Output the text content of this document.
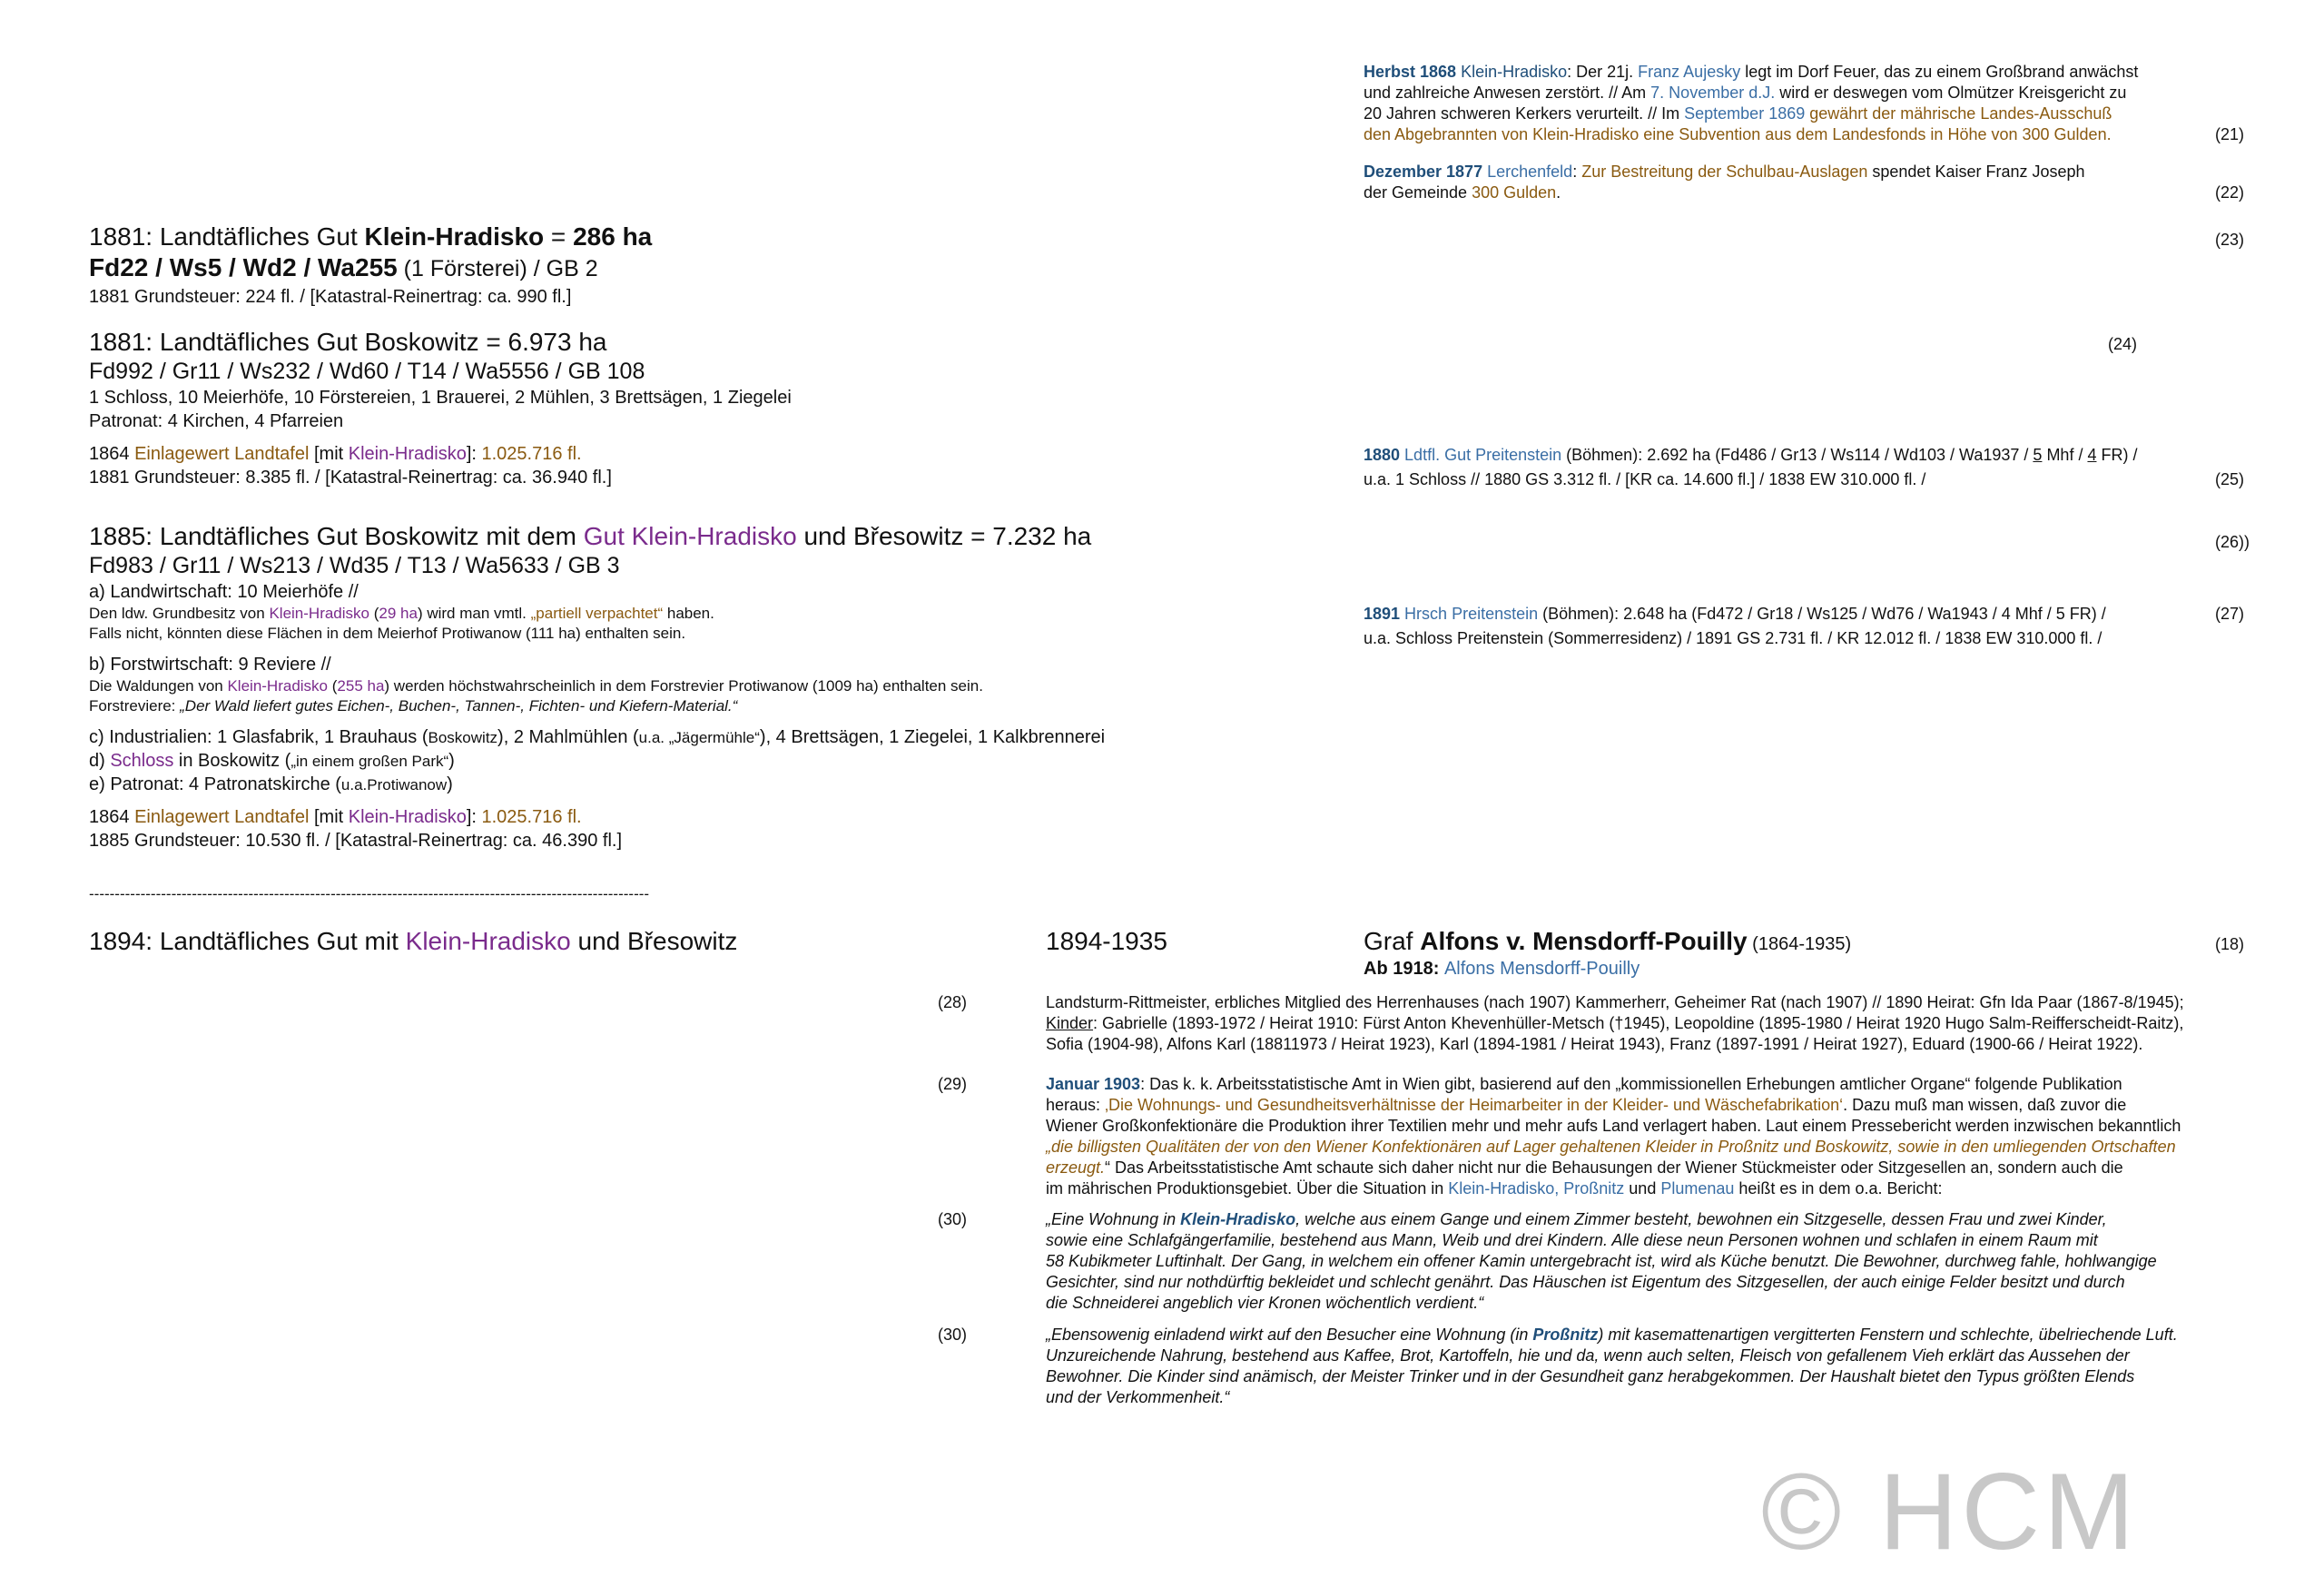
Herbst 1868 Klein-Hradisko: Der 21j. Franz Aujesky legt im Dorf Feuer, das zu einem Großbrand anwächst
und zahlreiche Anwesen zerstört. // Am 7. November d.J. wird er deswegen vom Olmützer Kreisgericht zu
20 Jahren schweren Kerkers verurteilt. // Im September 1869 gewährt der mährische Landes-Ausschuß
den Abgebrannten von Klein-Hradisko eine Subvention aus dem Landesfonds in Höhe von 300 Gulden.	(21)
Dezember 1877 Lerchenfeld: Zur Bestreitung der Schulbau-Auslagen spendet Kaiser Franz Joseph
der Gemeinde 300 Gulden.	(22)
1881: Landtäfliches Gut Klein-Hradisko = 286 ha
Fd22 / Ws5 / Wd2 / Wa255 (1 Försterei) / GB 2
1881 Grundsteuer: 224 fl. / [Katastral-Reinertrag: ca. 990 fl.]
(23)
1881: Landtäfliches Gut Boskowitz = 6.973 ha
Fd992 / Gr11 / Ws232 / Wd60 / T14 / Wa5556 / GB 108
1 Schloss, 10 Meierhöfe, 10 Förstereien, 1 Brauerei, 2 Mühlen, 3 Brettsägen, 1 Ziegelei
Patronat: 4 Kirchen, 4 Pfarreien
1864 Einlagewert Landtafel [mit Klein-Hradisko]: 1.025.716 fl.
1881 Grundsteuer: 8.385 fl. / [Katastral-Reinertrag: ca. 36.940 fl.]
(24)
1880 Ldtfl. Gut Preitenstein (Böhmen): 2.692 ha (Fd486 / Gr13 / Ws114 / Wd103 / Wa1937 / 5 Mhf / 4 FR) /
u.a. 1 Schloss // 1880 GS 3.312 fl. / [KR ca. 14.600 fl.] / 1838 EW 310.000 fl. /	(25)
1885: Landtäfliches Gut Boskowitz mit dem Gut Klein-Hradisko und Břesowitz = 7.232 ha
Fd983 / Gr11 / Ws213 / Wd35 / T13 / Wa5633 / GB 3
a) Landwirtschaft: 10 Meierhöfe //
Den ldw. Grundbesitz von Klein-Hradisko (29 ha) wird man vmtl. „partiell verpachtet“ haben.
Falls nicht, könnten diese Flächen in dem Meierhof Protiwanow (111 ha) enthalten sein.
b) Forstwirtschaft: 9 Reviere //
Die Waldungen von Klein-Hradisko (255 ha) werden höchstwahrscheinlich in dem Forstrevier Protiwanow (1009 ha) enthalten sein.
Forstreviere: „Der Wald liefert gutes Eichen-, Buchen-, Tannen-, Fichten- und Kiefern-Material.“
c) Industrialien: 1 Glasfabrik, 1 Brauhaus (Boskowitz), 2 Mahlmühlen (u.a. „Jägermühle“), 4 Brettsägen, 1 Ziegelei, 1 Kalkbrennerei
d) Schloss in Boskowitz („in einem großen Park“)
e) Patronat: 4 Patronatskirche (u.a.Protiwanow)
1864 Einlagewert Landtafel [mit Klein-Hradisko]: 1.025.716 fl.
1885 Grundsteuer: 10.530 fl. / [Katastral-Reinertrag: ca. 46.390 fl.]
(26))
1891 Hrsch Preitenstein (Böhmen): 2.648 ha (Fd472 / Gr18 / Ws125 / Wd76 / Wa1943 / 4 Mhf / 5 FR) /
u.a. Schloss Preitenstein (Sommerresidenz) / 1891 GS 2.731 fl. / KR 12.012 fl. / 1838 EW 310.000 fl. /
(27)
-------------------------------------------------------------------------------------------------------------
1894: Landtäfliches Gut mit Klein-Hradisko und Břesowitz	1894-1935	Graf Alfons v. Mensdorff-Pouilly (1864-1935)
Ab 1918: Alfons Mensdorff-Pouilly
(18)
(28)	Landsturm-Rittmeister, erbliches Mitglied des Herrenhauses (nach 1907) Kammerherr, Geheimer Rat (nach 1907) // 1890 Heirat: Gfn Ida Paar (1867-8/1945);
Kinder: Gabrielle (1893-1972 / Heirat 1910: Fürst Anton Khevenhüller-Metsch (†1945), Leopoldine (1895-1980 / Heirat 1920 Hugo Salm-Reifferscheidt-Raitz),
Sofia (1904-98), Alfons Karl (18811973 / Heirat 1923), Karl (1894-1981 / Heirat 1943), Franz (1897-1991 / Heirat 1927), Eduard (1900-66 / Heirat 1922).
(29)	Januar 1903: Das k. k. Arbeitsstatistische Amt in Wien gibt, basierend auf den „kommissionellen Erhebungen amtlicher Organe“ folgende Publikation
heraus: ‚Die Wohnungs- und Gesundheitsverhältnisse der Heimarbeiter in der Kleider- und Wäschefabrikation‘. Dazu muß man wissen, daß zuvor die
Wiener Großkonfektionäre die Produktion ihrer Textilien mehr und mehr aufs Land verlagert haben. Laut einem Pressebericht werden inzwischen bekanntlich
„die billigsten Qualitäten der von den Wiener Konfektionären auf Lager gehaltenen Kleider in Proßnitz und Boskowitz, sowie in den umliegenden Ortschaften
erzeugt.“ Das Arbeitsstatistische Amt schaute sich daher nicht nur die Behausungen der Wiener Stückmeister oder Sitzgesellen an, sondern auch die
im mährischen Produktionsgebiet. Über die Situation in Klein-Hradisko, Proßnitz und Plumenau heißt es in dem o.a. Bericht:
(30)	„Eine Wohnung in Klein-Hradisko, welche aus einem Gange und einem Zimmer besteht, bewohnen ein Sitzgeselle, dessen Frau und zwei Kinder,
sowie eine Schlafgängerfamilie, bestehend aus Mann, Weib und drei Kindern. Alle diese neun Personen wohnen und schlafen in einem Raum mit
58 Kubikmeter Luftinhalt. Der Gang, in welchem ein offener Kamin untergebracht ist, wird als Küche benutzt. Die Bewohner, durchweg fahle, hohlwangige
Gesichter, sind nur nothdürftig bekleidet und schlecht genährt. Das Häuschen ist Eigentum des Sitzgesellen, der auch einige Felder besitzt und durch
die Schneiderei angeblich vier Kronen wöchentlich verdient.“
(30)	„Ebensowenig einladend wirkt auf den Besucher eine Wohnung (in Proßnitz) mit kasemattenartigen vergitterten Fenstern und schlechte, übelriechende Luft.
Unzureichende Nahrung, bestehend aus Kaffee, Brot, Kartoffeln, hie und da, wenn auch selten, Fleisch von gefallenem Vieh erklärt das Aussehen der
Bewohner. Die Kinder sind anämisch, der Meister Trinker und in der Gesundheit ganz herabgekommen. Der Haushalt bietet den Typus größten Elends
und der Verkommenheit.“
© HCM
